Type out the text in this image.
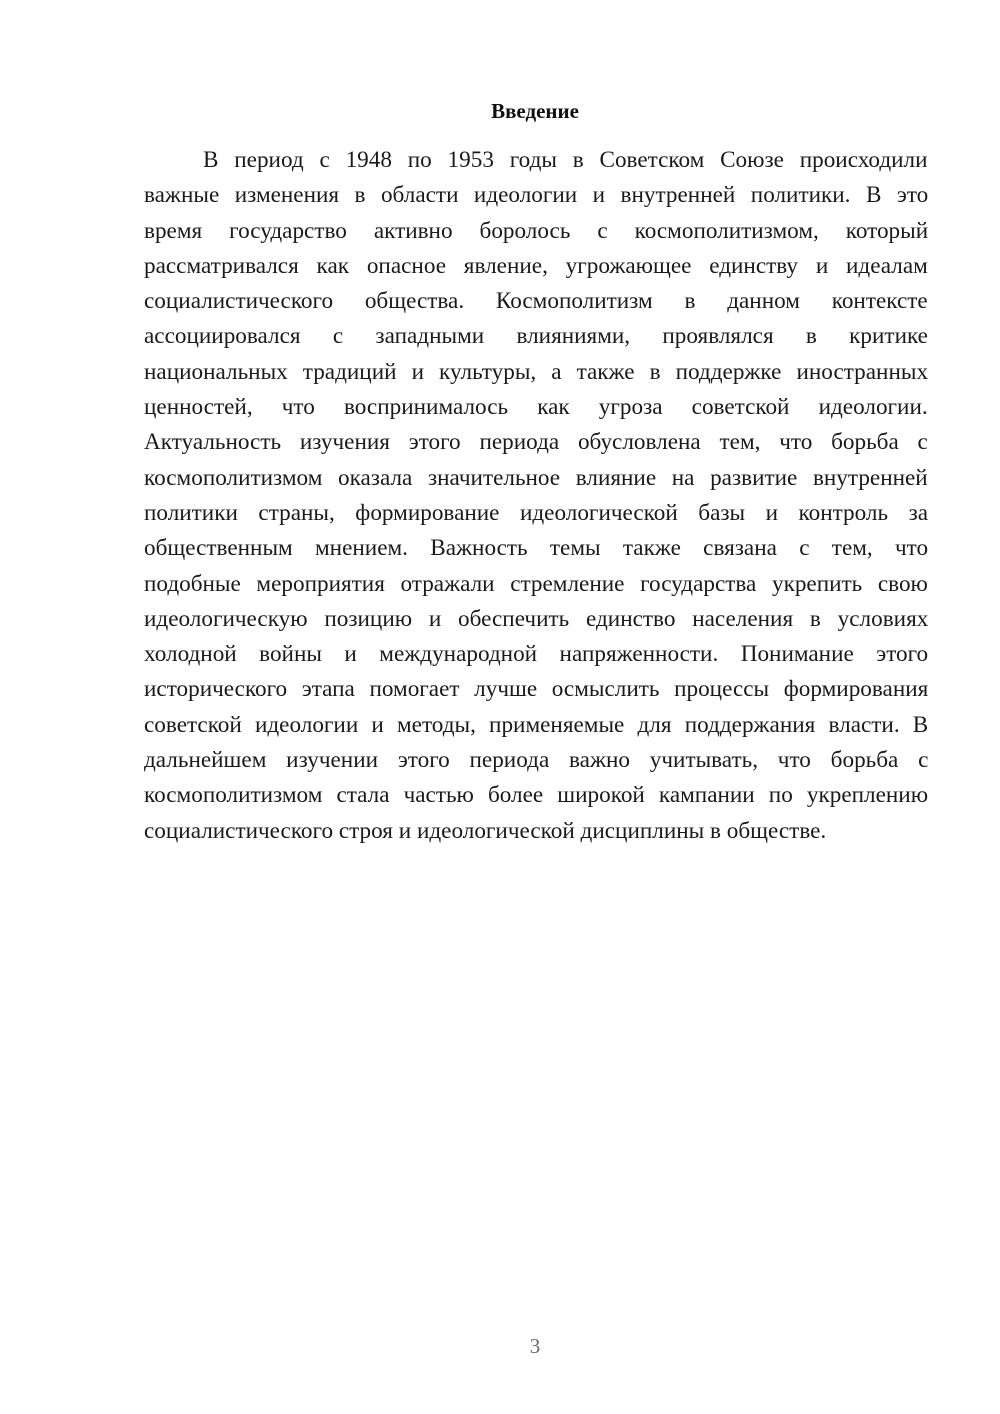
Введение
В период с 1948 по 1953 годы в Советском Союзе происходили
важные изменения в области идеологии и внутренней политики. В это
время государство активно боролось с космополитизмом, который
рассматривался как опасное явление, угрожающее единству и идеалам
социалистического общества. Космополитизм в данном контексте
ассоциировался с западными влияниями, проявлялся в критике
национальных традиций и культуры, а также в поддержке иностранных
ценностей, что воспринималось как угроза советской идеологии.
Актуальность изучения этого периода обусловлена тем, что борьба с
космополитизмом оказала значительное влияние на развитие внутренней
политики страны, формирование идеологической базы и контроль за
общественным мнением. Важность темы также связана с тем, что
подобные мероприятия отражали стремление государства укрепить свою
идеологическую позицию и обеспечить единство населения в условиях
холодной войны и международной напряженности. Понимание этого
исторического этапа помогает лучше осмыслить процессы формирования
советской идеологии и методы, применяемые для поддержания власти. В
дальнейшем изучении этого периода важно учитывать, что борьба с
космополитизмом стала частью более широкой кампании по укреплению
социалистического строя и идеологической дисциплины в обществе.
3
